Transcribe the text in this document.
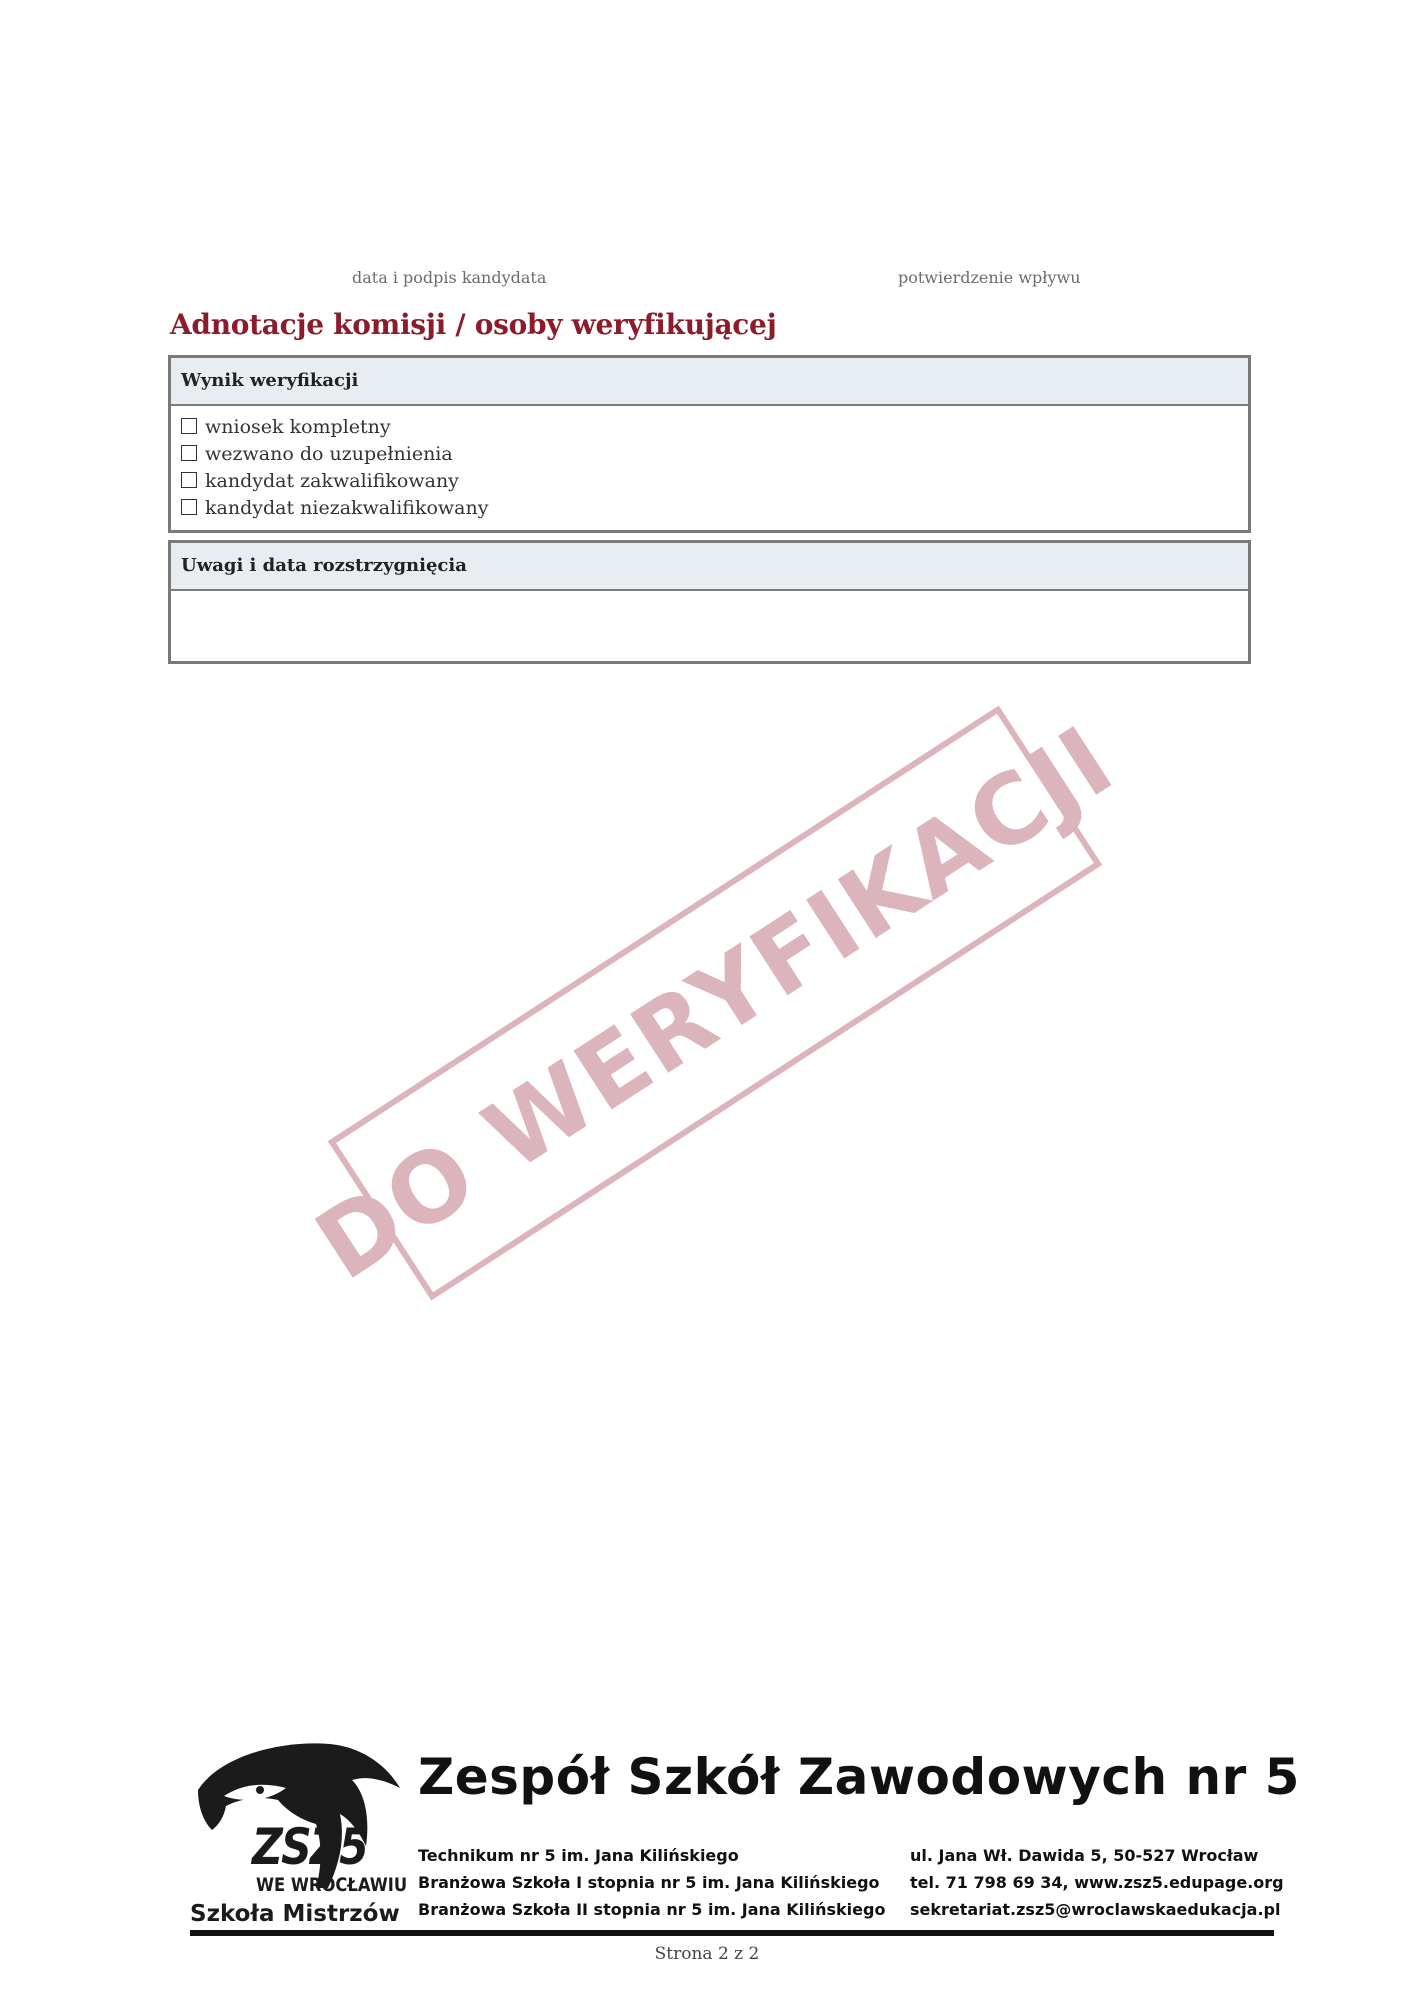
data i podpis kandydata	potwierdzenie wpływu
Adnotacje komisji / osoby weryfikującej
Wynik weryfikacji
wniosek kompletny
wezwano do uzupełnienia
kandydat zakwalifikowany
kandydat niezakwalifikowany
Uwagi i data rozstrzygnięcia
DO WERYFIKACJI
ZSZ5
WE WROCŁAWIU
Szkoła Mistrzów
Zespół Szkół Zawodowych nr 5
Technikum nr 5 im. Jana Kilińskiego
Branżowa Szkoła I stopnia nr 5 im. Jana Kilińskiego
Branżowa Szkoła II stopnia nr 5 im. Jana Kilińskiego
ul. Jana Wł. Dawida 5, 50-527 Wrocław
tel. 71 798 69 34, www.zsz5.edupage.org
sekretariat.zsz5@wroclawskaedukacja.pl
Strona 2 z 2
